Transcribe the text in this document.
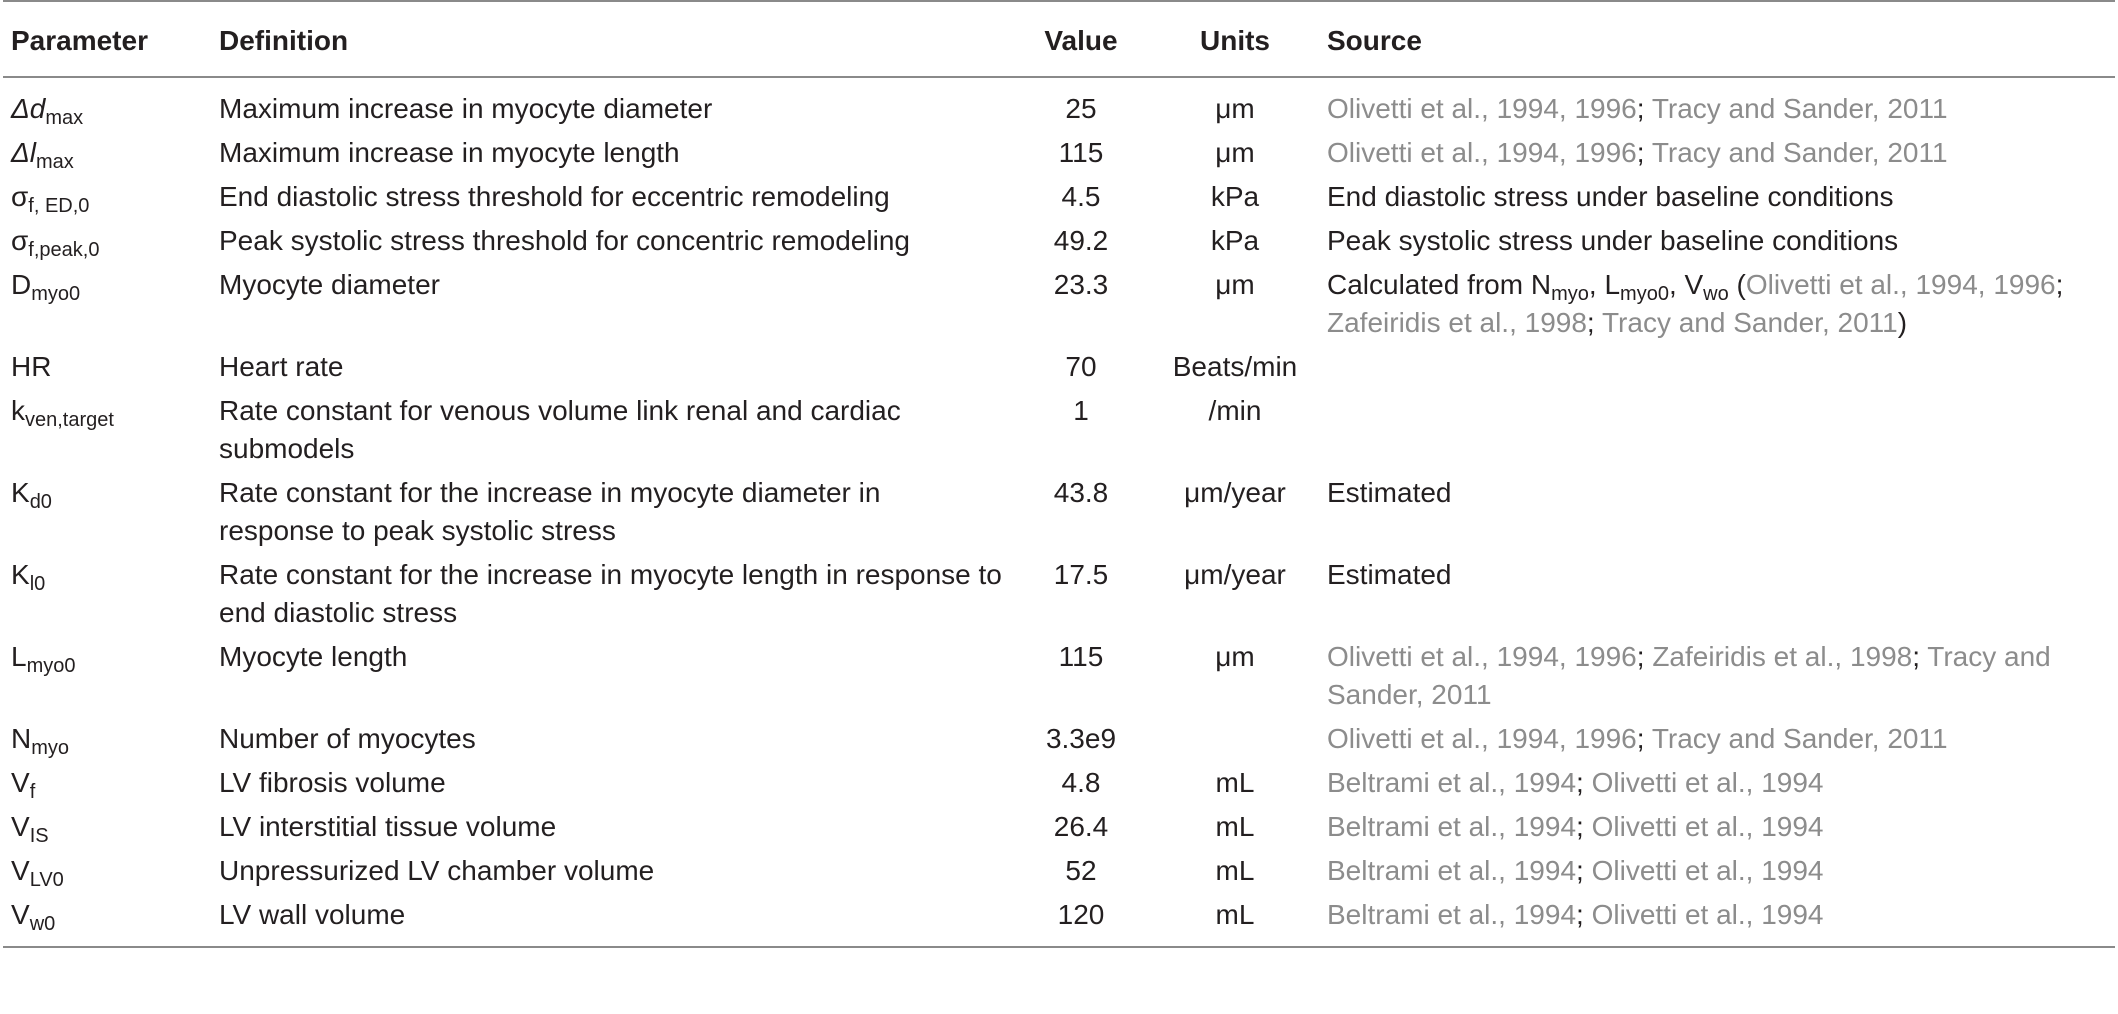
Parameter	Definition	Value	Units	Source
$\Delta d_{max}$	Maximum increase in myocyte diameter	25	μm	Olivetti et al., 1994, 1996; Tracy and Sander, 2011
$\Delta l_{max}$	Maximum increase in myocyte length	115	μm	Olivetti et al., 1994, 1996; Tracy and Sander, 2011
$\sigma_{f, ED,0}$	End diastolic stress threshold for eccentric remodeling	4.5	kPa	End diastolic stress under baseline conditions
$\sigma_{f,peak,0}$	Peak systolic stress threshold for concentric remodeling	49.2	kPa	Peak systolic stress under baseline conditions
$D_{myo0}$	Myocyte diameter	23.3	μm	Calculated from $N_{myo}$, $L_{myo0}$, $V_{wo}$ (Olivetti et al., 1994, 1996; Zafeiridis et al., 1998; Tracy and Sander, 2011)
HR	Heart rate	70	Beats/min	
$k_{ven,target}$	Rate constant for venous volume link renal and cardiac submodels	1	/min	
$K_{d0}$	Rate constant for the increase in myocyte diameter in response to peak systolic stress	43.8	μm/year	Estimated
$K_{l0}$	Rate constant for the increase in myocyte length in response to end diastolic stress	17.5	μm/year	Estimated
$L_{myo0}$	Myocyte length	115	μm	Olivetti et al., 1994, 1996; Zafeiridis et al., 1998; Tracy and Sander, 2011
$N_{myo}$	Number of myocytes	3.3e9		Olivetti et al., 1994, 1996; Tracy and Sander, 2011
$V_f$	LV fibrosis volume	4.8	mL	Beltrami et al., 1994; Olivetti et al., 1994
$V_{IS}$	LV interstitial tissue volume	26.4	mL	Beltrami et al., 1994; Olivetti et al., 1994
$V_{LV0}$	Unpressurized LV chamber volume	52	mL	Beltrami et al., 1994; Olivetti et al., 1994
$V_{w0}$	LV wall volume	120	mL	Beltrami et al., 1994; Olivetti et al., 1994
